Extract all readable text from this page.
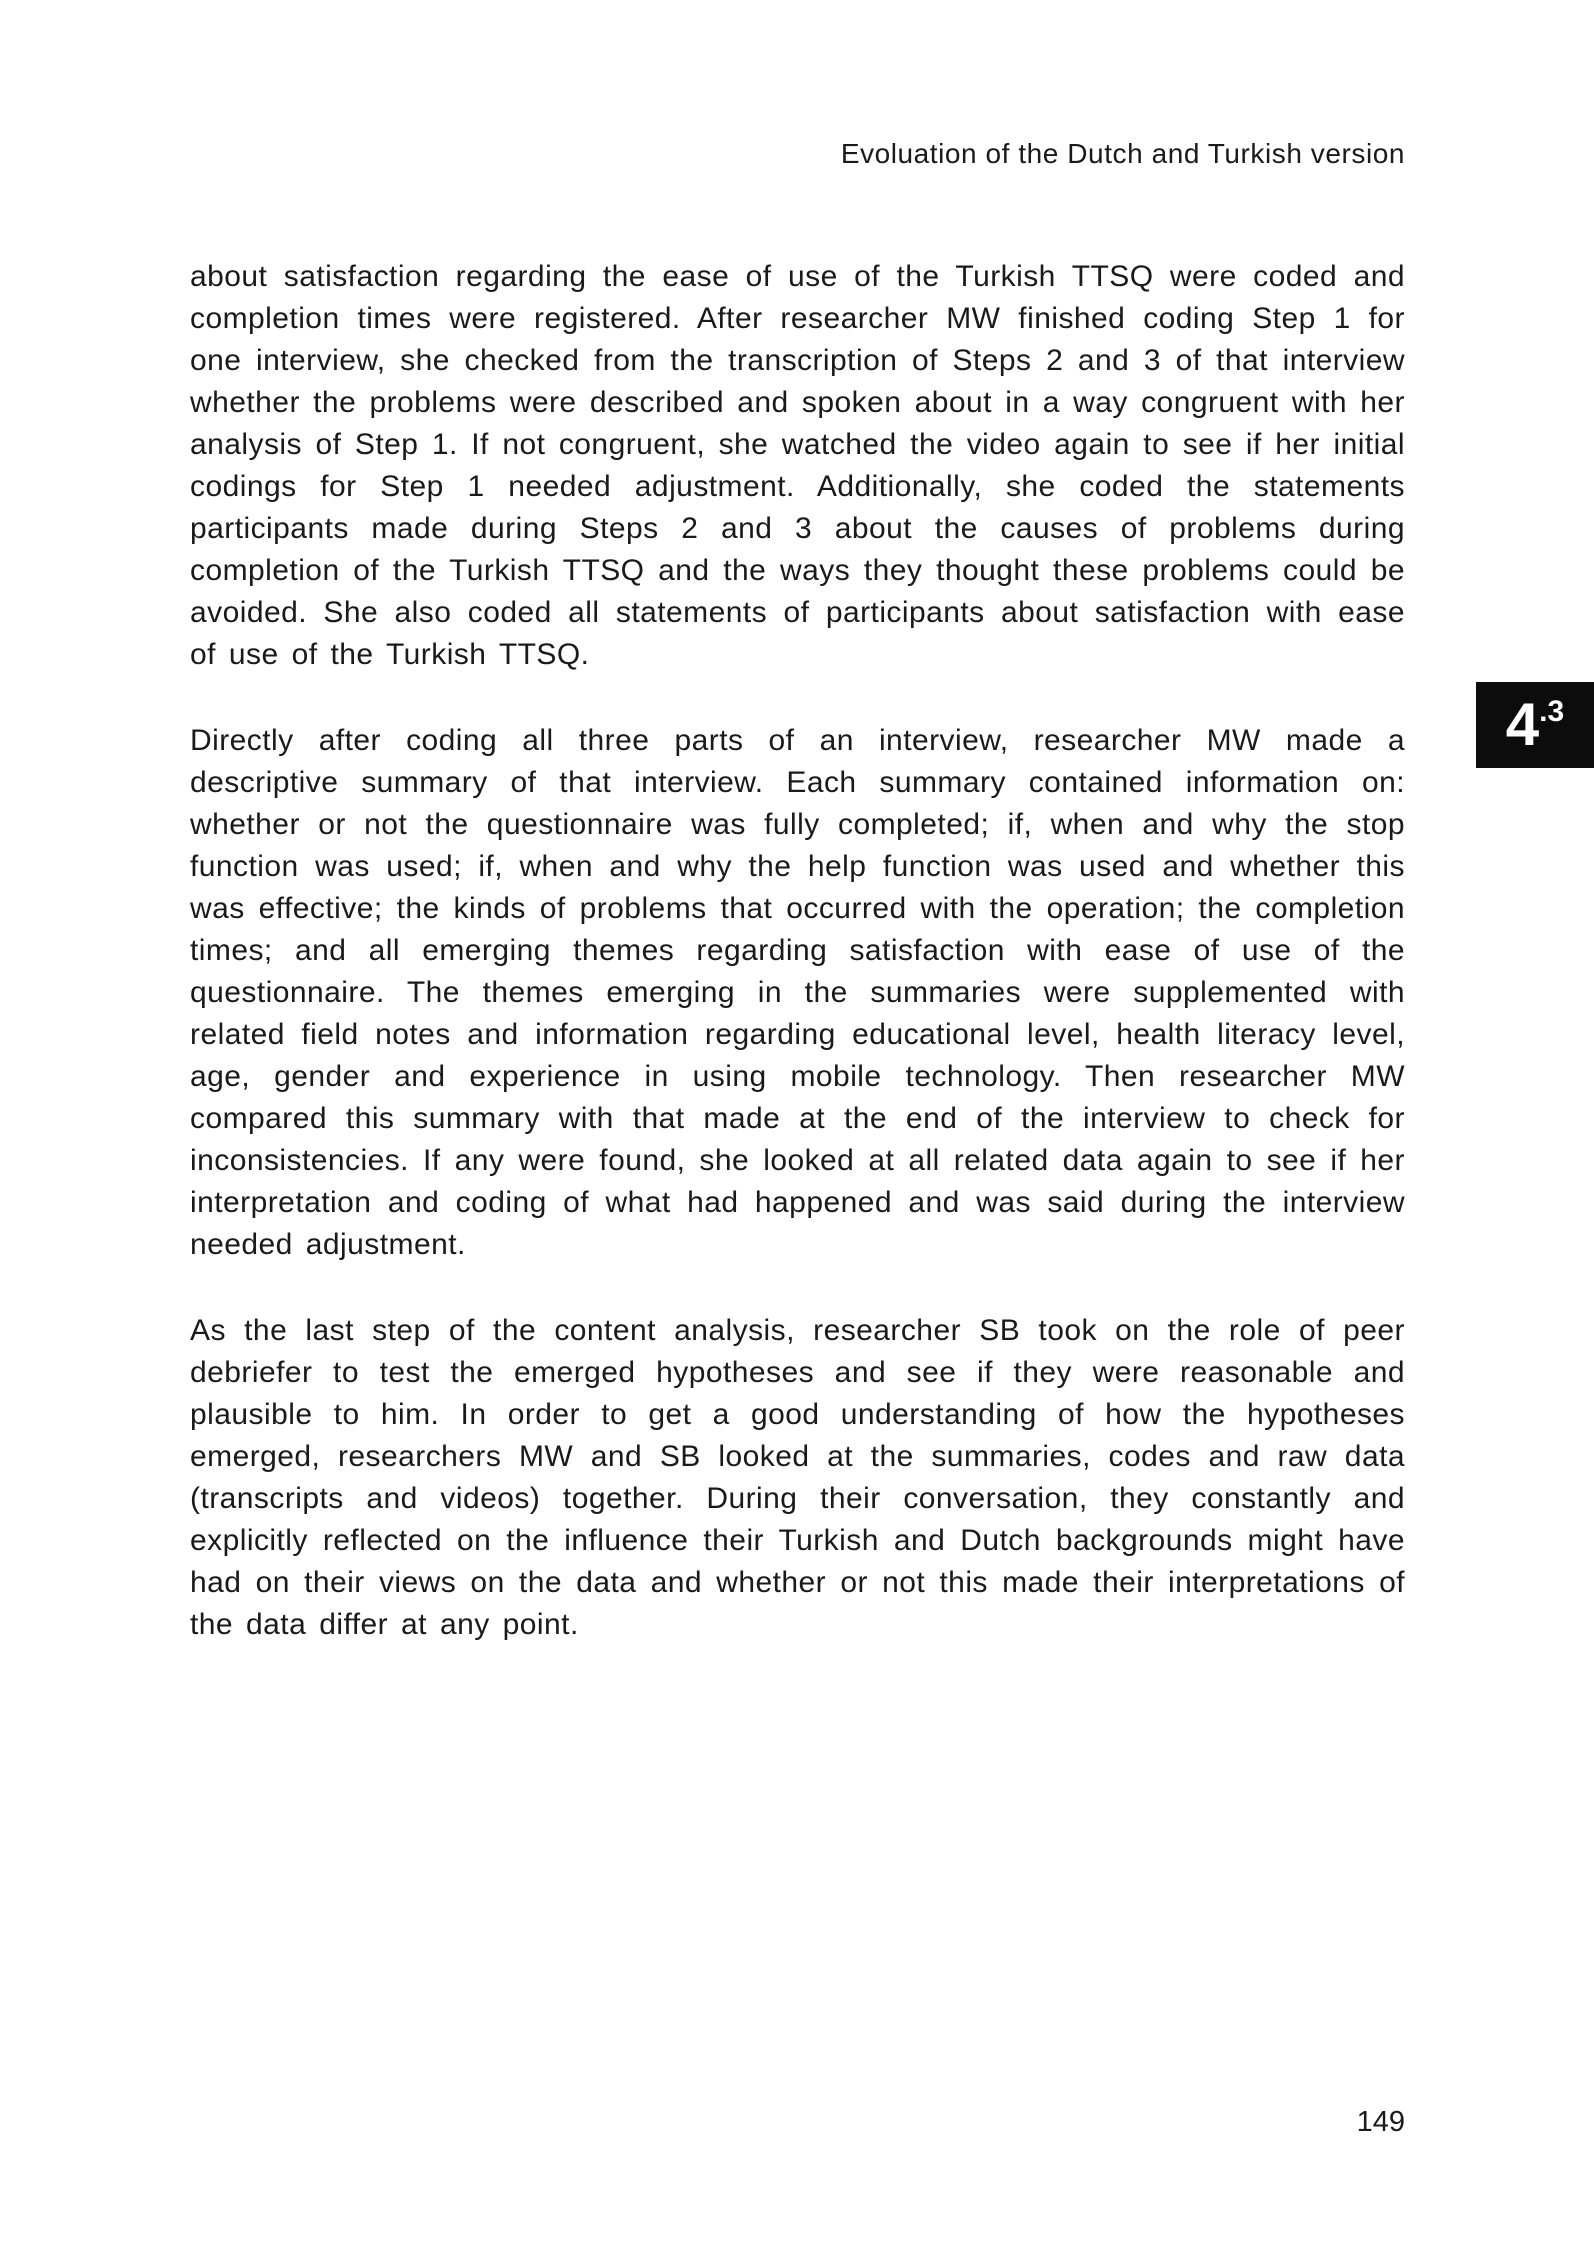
Evoluation of the Dutch and Turkish version

about satisfaction regarding the ease of use of the Turkish TTSQ were coded and completion times were registered. After researcher MW finished coding Step 1 for one interview, she checked from the transcription of Steps 2 and 3 of that interview whether the problems were described and spoken about in a way congruent with her analysis of Step 1. If not congruent, she watched the video again to see if her initial codings for Step 1 needed adjustment. Additionally, she coded the statements participants made during Steps 2 and 3 about the causes of problems during completion of the Turkish TTSQ and the ways they thought these problems could be avoided. She also coded all statements of participants about satisfaction with ease of use of the Turkish TTSQ.

Directly after coding all three parts of an interview, researcher MW made a descriptive summary of that interview. Each summary contained information on: whether or not the questionnaire was fully completed; if, when and why the stop function was used; if, when and why the help function was used and whether this was effective; the kinds of problems that occurred with the operation; the completion times; and all emerging themes regarding satisfaction with ease of use of the questionnaire. The themes emerging in the summaries were supplemented with related field notes and information regarding educational level, health literacy level, age, gender and experience in using mobile technology. Then researcher MW compared this summary with that made at the end of the interview to check for inconsistencies. If any were found, she looked at all related data again to see if her interpretation and coding of what had happened and was said during the interview needed adjustment.

As the last step of the content analysis, researcher SB took on the role of peer debriefer to test the emerged hypotheses and see if they were reasonable and plausible to him. In order to get a good understanding of how the hypotheses emerged, researchers MW and SB looked at the summaries, codes and raw data (transcripts and videos) together. During their conversation, they constantly and explicitly reflected on the influence their Turkish and Dutch backgrounds might have had on their views on the data and whether or not this made their interpretations of the data differ at any point.

4 .3
149
